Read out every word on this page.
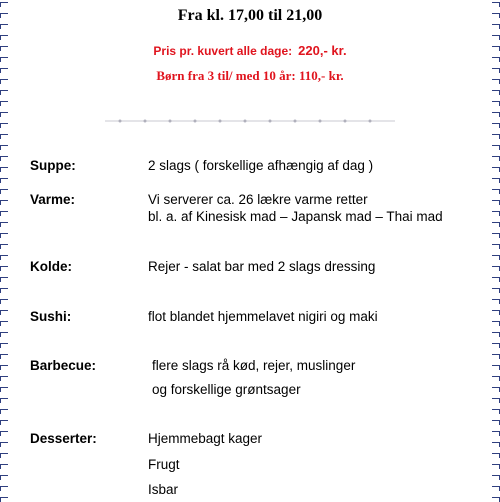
Fra kl. 17,00 til 21,00
Pris pr. kuvert alle dage: 220,- kr.
Børn fra 3 til/ med 10 år: 110,- kr.
Suppe:	2 slags ( forskellige afhængig af dag )
Varme:	Vi serverer ca. 26 lækre varme retter
bl. a. af Kinesisk mad – Japansk mad – Thai mad
Kolde:	Rejer - salat bar med 2 slags dressing
Sushi:	flot blandet hjemmelavet nigiri og maki
Barbecue:	flere slags rå kød, rejer, muslinger
og forskellige grøntsager
Desserter:	Hjemmebagt kager
Frugt
Isbar
